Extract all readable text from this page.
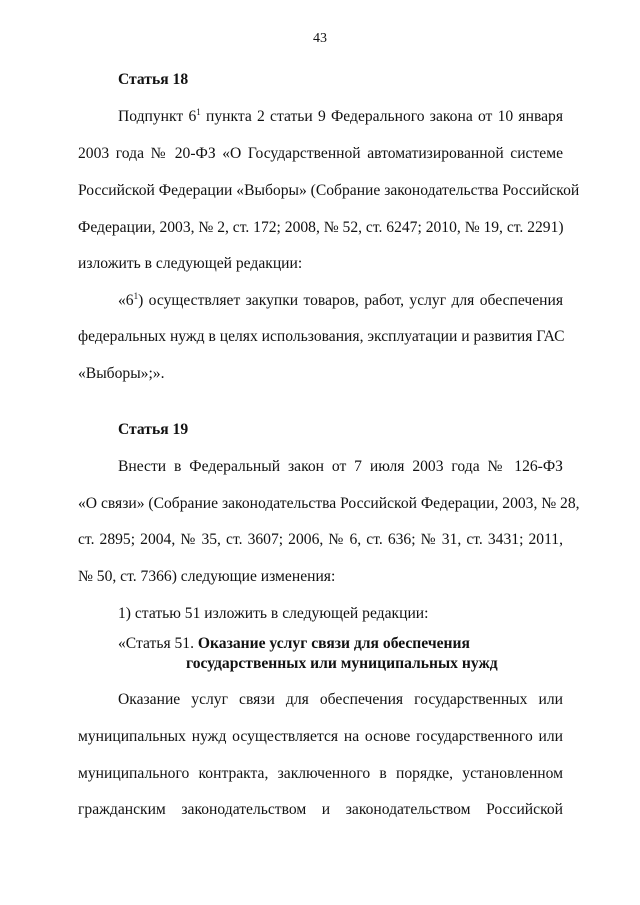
43
Статья 18
Подпункт $6^1$ пункта 2 статьи 9 Федерального закона от 10 января
2003 года № 20-ФЗ «О Государственной автоматизированной системе
Российской Федерации «Выборы» (Собрание законодательства Российской
Федерации, 2003, № 2, ст. 172; 2008, № 52, ст. 6247; 2010, № 19, ст. 2291)
изложить в следующей редакции:
«$6^1$) осуществляет закупки товаров, работ, услуг для обеспечения
федеральных нужд в целях использования, эксплуатации и развития ГАС
«Выборы»;».
Статья 19
Внести в Федеральный закон от 7 июля 2003 года № 126-ФЗ
«О связи» (Собрание законодательства Российской Федерации, 2003, № 28,
ст. 2895; 2004, № 35, ст. 3607; 2006, № 6, ст. 636; № 31, ст. 3431; 2011,
№ 50, ст. 7366) следующие изменения:
1) статью 51 изложить в следующей редакции:
«Статья 51. Оказание услуг связи для обеспечения
государственных или муниципальных нужд
Оказание услуг связи для обеспечения государственных или
муниципальных нужд осуществляется на основе государственного или
муниципального контракта, заключенного в порядке, установленном
гражданским законодательством и законодательством Российской
